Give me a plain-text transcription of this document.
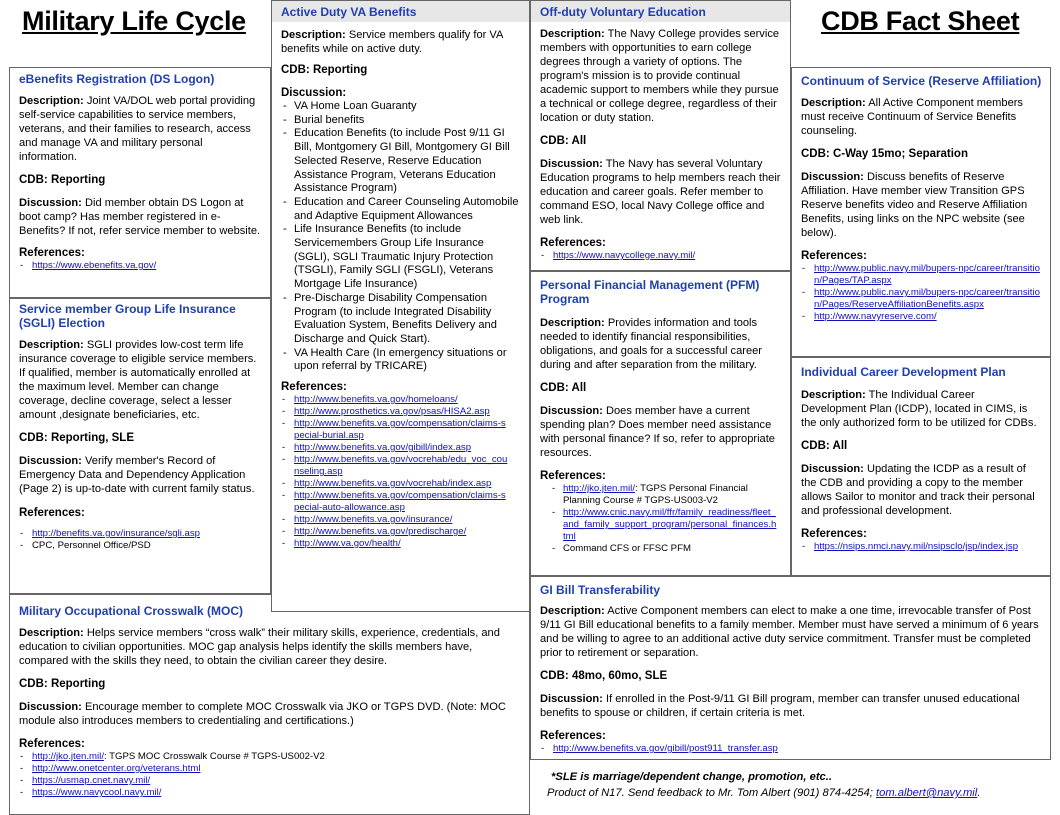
Military Life Cycle	CDB Fact Sheet
eBenefits Registration (DS Logon)
Description: Joint VA/DOL web portal providing self-service capabilities to service members, veterans, and their families to research, access and manage VA and military personal information.
CDB: Reporting
Discussion: Did member obtain DS Logon at boot camp? Has member registered in e-Benefits? If not, refer service member to website.
References:
- https://www.ebenefits.va.gov/
Service member Group Life Insurance (SGLI) Election
Description: SGLI provides low-cost term life insurance coverage to eligible service members. If qualified, member is automatically enrolled at the maximum level. Member can change coverage, decline coverage, select a lesser amount ,designate beneficiaries, etc.
CDB: Reporting, SLE
Discussion: Verify member's Record of Emergency Data and Dependency Application (Page 2) is up-to-date with current family status.
References:
- http://benefits.va.gov/insurance/sgli.asp
- CPC, Personnel Office/PSD
Military Occupational Crosswalk (MOC)
Description: Helps service members “cross walk” their military skills, experience, credentials, and education to civilian opportunities. MOC gap analysis helps identify the skills members have, compared with the skills they need, to obtain the civilian career they desire.
CDB: Reporting
Discussion: Encourage member to complete MOC Crosswalk via JKO or TGPS DVD. (Note: MOC module also introduces members to credentialing and certifications.)
References:
- http://jko.jten.mil/: TGPS MOC Crosswalk Course # TGPS-US002-V2
- http://www.onetcenter.org/veterans.html
- https://usmap.cnet.navy.mil/
- https://www.navycool.navy.mil/
Active Duty VA Benefits
Description: Service members qualify for VA benefits while on active duty.
CDB: Reporting
Discussion:
- VA Home Loan Guaranty
- Burial benefits
- Education Benefits (to include Post 9/11 GI Bill, Montgomery GI Bill, Montgomery GI Bill Selected Reserve, Reserve Education Assistance Program, Veterans Education Assistance Program)
- Education and Career Counseling Automobile and Adaptive Equipment Allowances
- Life Insurance Benefits (to include Servicemembers Group Life Insurance (SGLI), SGLI Traumatic Injury Protection (TSGLI), Family SGLI (FSGLI), Veterans Mortgage Life Insurance)
- Pre-Discharge Disability Compensation Program (to include Integrated Disability Evaluation System, Benefits Delivery and Discharge and Quick Start).
- VA Health Care (In emergency situations or upon referral by TRICARE)
References:
- http://www.benefits.va.gov/homeloans/
- http://www.prosthetics.va.gov/psas/HISA2.asp
- http://www.benefits.va.gov/compensation/claims-special-burial.asp
- http://www.benefits.va.gov/gibill/index.asp
- http://www.benefits.va.gov/vocrehab/edu_voc_counseling.asp
- http://www.benefits.va.gov/vocrehab/index.asp
- http://www.benefits.va.gov/compensation/claims-special-auto-allowance.asp
- http://www.benefits.va.gov/insurance/
- http://www.benefits.va.gov/predischarge/
- http://www.va.gov/health/
Off-duty Voluntary Education
Description: The Navy College provides service members with opportunities to earn college degrees through a variety of options. The program's mission is to provide continual academic support to members while they pursue a technical or college degree, regardless of their location or duty station.
CDB: All
Discussion: The Navy has several Voluntary Education programs to help members reach their education and career goals. Refer member to command ESO, local Navy College office and web link.
References:
- https://www.navycollege.navy.mil/
Personal Financial Management (PFM) Program
Description: Provides information and tools needed to identify financial responsibilities, obligations, and goals for a successful career during and after separation from the military.
CDB: All
Discussion: Does member have a current spending plan? Does member need assistance with personal finance? If so, refer to appropriate resources.
References:
- http://jko.jten.mil/: TGPS Personal Financial Planning Course # TGPS-US003-V2
- http://www.cnic.navy.mil/ffr/family_readiness/fleet_and_family_support_program/personal_finances.html
- Command CFS or FFSC PFM
GI Bill Transferability
Description: Active Component members can elect to make a one time, irrevocable transfer of Post 9/11 GI Bill educational benefits to a family member. Member must have served a minimum of 6 years and be willing to agree to an additional active duty service commitment. Transfer must be completed prior to retirement or separation.
CDB: 48mo, 60mo, SLE
Discussion: If enrolled in the Post-9/11 GI Bill program, member can transfer unused educational benefits to spouse or children, if certain criteria is met.
References:
- http://www.benefits.va.gov/gibill/post911_transfer.asp
Continuum of Service (Reserve Affiliation)
Description: All Active Component members must receive Continuum of Service Benefits counseling.
CDB: C-Way 15mo; Separation
Discussion: Discuss benefits of Reserve Affiliation. Have member view Transition GPS Reserve benefits video and Reserve Affiliation Benefits, using links on the NPC website (see below).
References:
- http://www.public.navy.mil/bupers-npc/career/transition/Pages/TAP.aspx
- http://www.public.navy.mil/bupers-npc/career/transition/Pages/ReserveAffiliationBenefits.aspx
- http://www.navyreserve.com/
Individual Career Development Plan
Description: The Individual Career Development Plan (ICDP), located in CIMS, is the only authorized form to be utilized for CDBs.
CDB: All
Discussion: Updating the ICDP as a result of the CDB and providing a copy to the member allows Sailor to monitor and track their personal and professional development.
References:
- https://nsips.nmci.navy.mil/nsipsclo/jsp/index.jsp
*SLE is marriage/dependent change, promotion, etc..
Product of N17. Send feedback to Mr. Tom Albert (901) 874-4254; tom.albert@navy.mil.
